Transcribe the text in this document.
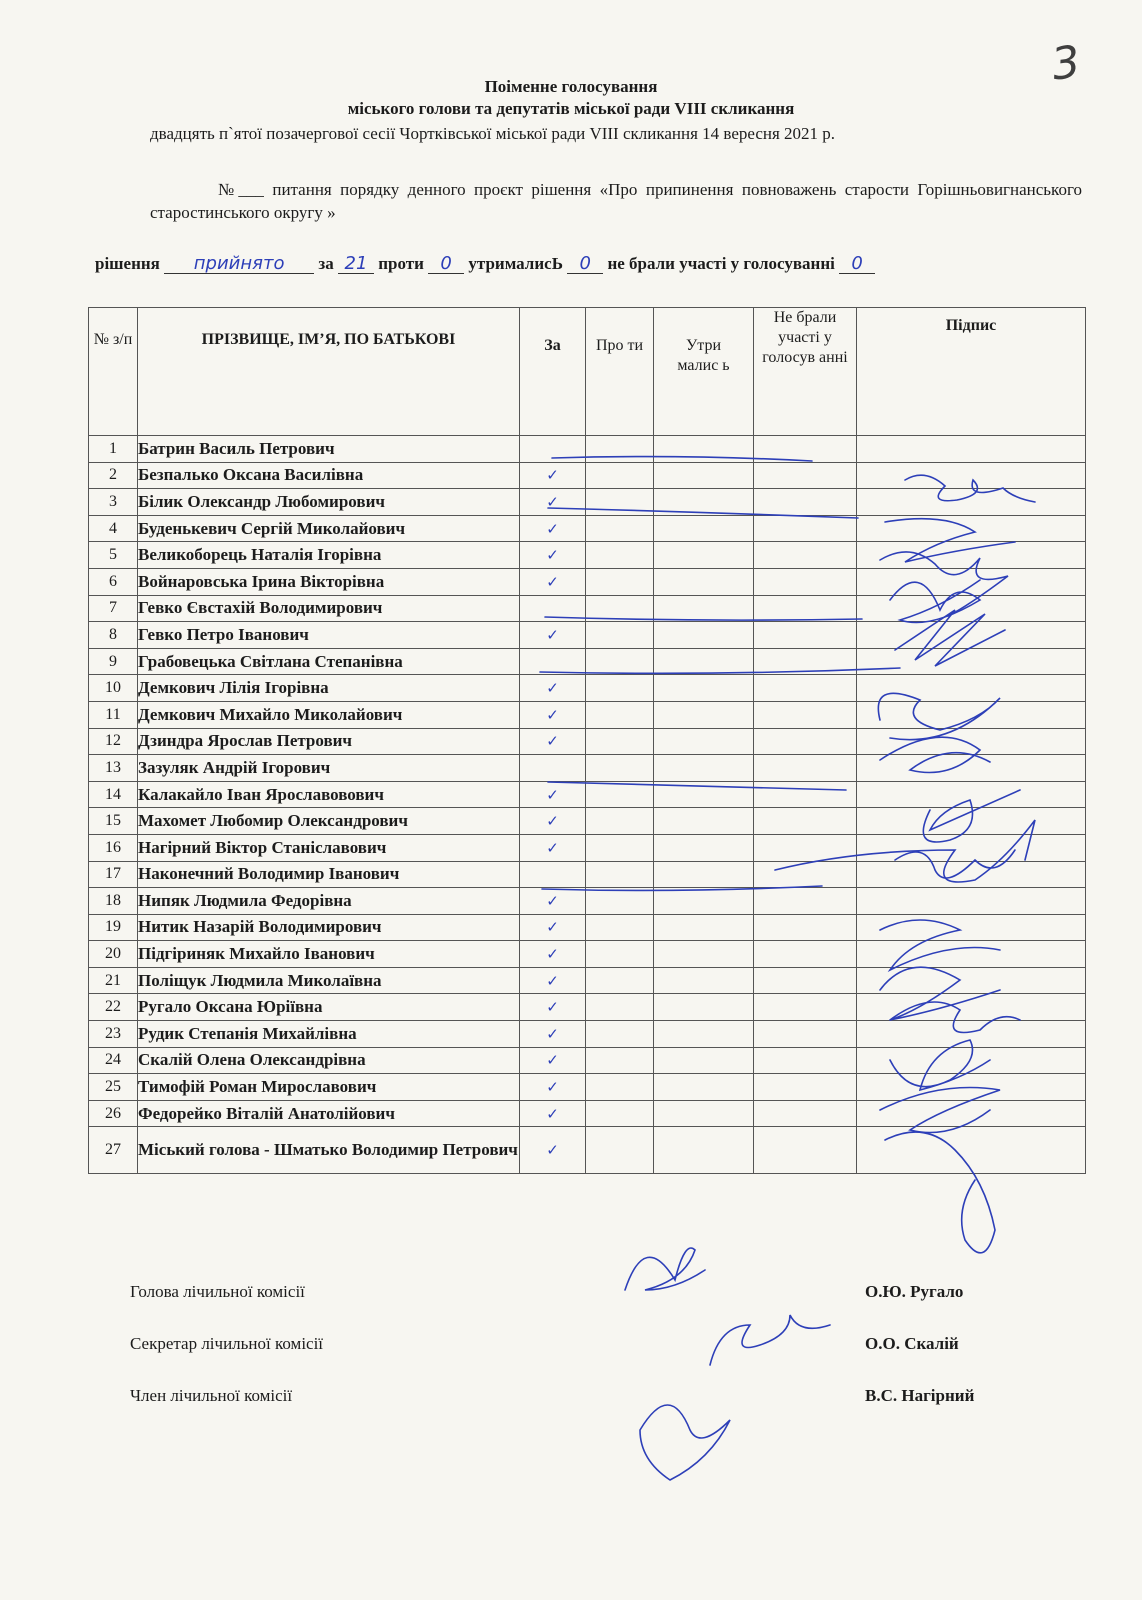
3
Поіменне голосування
міського голови та депутатів міської ради VIII скликання
двадцять п`ятої позачергової сесії Чортківської міської ради VIII скликання 14 вересня 2021 р.
№___ питання порядку денного проєкт рішення «Про припинення повноважень старости Горішньовигнанського старостинського округу »
рішення прийнято за 21 проти 0 утрималисЬ 0 не брали участі у голосуванні 0
№ з/п	ПРІЗВИЩЕ, ІМ’Я, ПО БАТЬКОВІ	За	Про ти	Утри малис ь	Не брали участі у голосув анні	Підпис
1	Батрин Василь Петрович					
2	Безпалько Оксана Василівна	✓				
3	Білик Олександр Любомирович	✓				
4	Буденькевич Сергій Миколайович	✓				
5	Великоборець Наталія Ігорівна	✓				
6	Войнаровська Ірина Вікторівна	✓				
7	Гевко Євстахій Володимирович					
8	Гевко Петро Іванович	✓				
9	Грабовецька Світлана Степанівна					
10	Демкович Лілія Ігорівна	✓				
11	Демкович Михайло Миколайович	✓				
12	Дзиндра Ярослав Петрович	✓				
13	Зазуляк Андрій Ігорович					
14	Калакайло Іван Ярославовович	✓				
15	Махомет Любомир Олександрович	✓				
16	Нагірний Віктор Станіславович	✓				
17	Наконечний Володимир Іванович					
18	Нипяк Людмила Федорівна	✓				
19	Нитик Назарій Володимирович	✓				
20	Підгіриняк Михайло Іванович	✓				
21	Поліщук Людмила Миколаївна	✓				
22	Ругало Оксана Юріївна	✓				
23	Рудик Степанія Михайлівна	✓				
24	Скалій Олена Олександрівна	✓				
25	Тимофій Роман Мирославович	✓				
26	Федорейко Віталій Анатолійович	✓				
27	Міський голова - Шматько Володимир Петрович	✓				
Голова лічильної комісії	О.Ю. Ругало
Секретар лічильної комісії	О.О. Скалій
Член лічильної комісії	В.С. Нагірний
